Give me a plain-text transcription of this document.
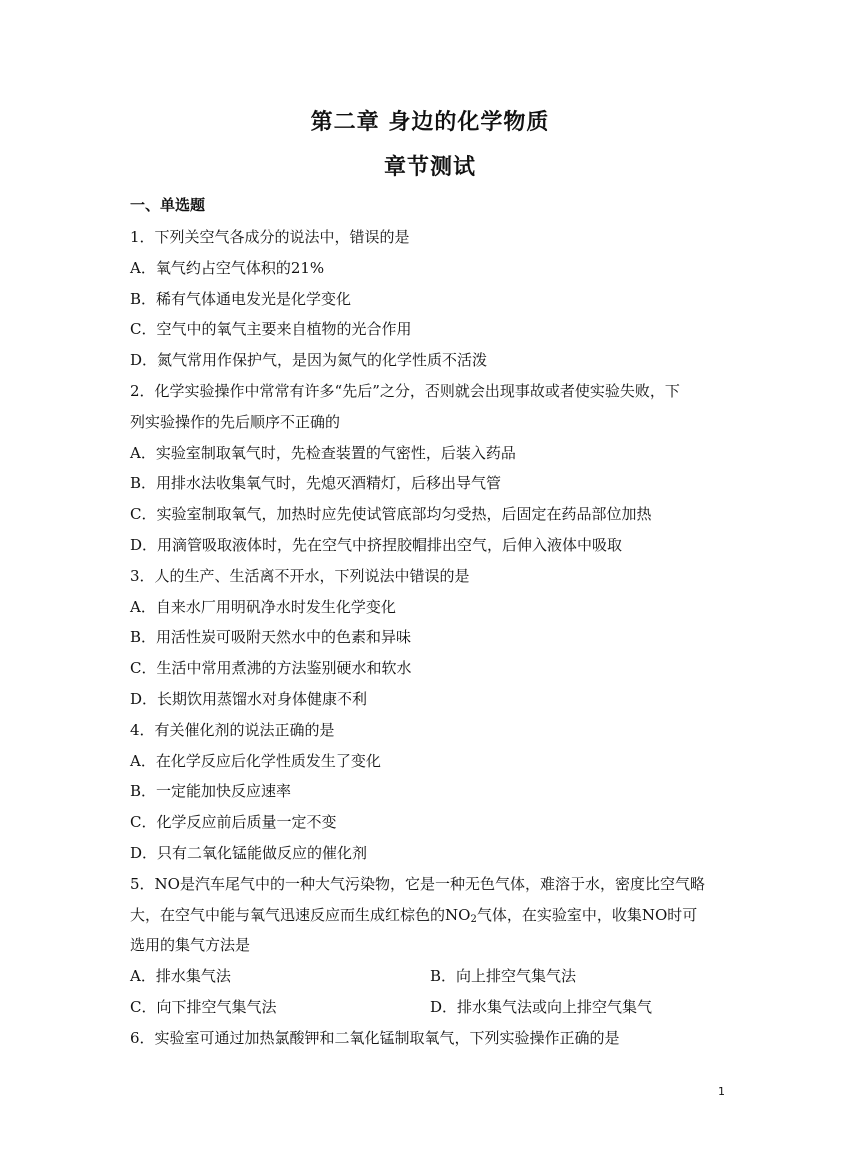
第二章 身边的化学物质
章节测试
一、单选题
1．下列关空气各成分的说法中，错误的是
A．氧气约占空气体积的21%
B．稀有气体通电发光是化学变化
C．空气中的氧气主要来自植物的光合作用
D．氮气常用作保护气，是因为氮气的化学性质不活泼
2．化学实验操作中常常有许多“先后”之分，否则就会出现事故或者使实验失败，下
列实验操作的先后顺序不正确的
A．实验室制取氧气时，先检查装置的气密性，后装入药品
B．用排水法收集氧气时，先熄灭酒精灯，后移出导气管
C．实验室制取氧气，加热时应先使试管底部均匀受热，后固定在药品部位加热
D．用滴管吸取液体时，先在空气中挤捏胶帽排出空气，后伸入液体中吸取
3．人的生产、生活离不开水，下列说法中错误的是
A．自来水厂用明矾净水时发生化学变化
B．用活性炭可吸附天然水中的色素和异味
C．生活中常用煮沸的方法鉴别硬水和软水
D．长期饮用蒸馏水对身体健康不利
4．有关催化剂的说法正确的是
A．在化学反应后化学性质发生了变化
B．一定能加快反应速率
C．化学反应前后质量一定不变
D．只有二氧化锰能做反应的催化剂
5．NO是汽车尾气中的一种大气污染物，它是一种无色气体，难溶于水，密度比空气略
大，在空气中能与氧气迅速反应而生成红棕色的$NO_2$气体，在实验室中，收集NO时可
选用的集气方法是
A．排水集气法	B．向上排空气集气法
C．向下排空气集气法	D．排水集气法或向上排空气集气
6．实验室可通过加热氯酸钾和二氧化锰制取氧气，下列实验操作正确的是
1
